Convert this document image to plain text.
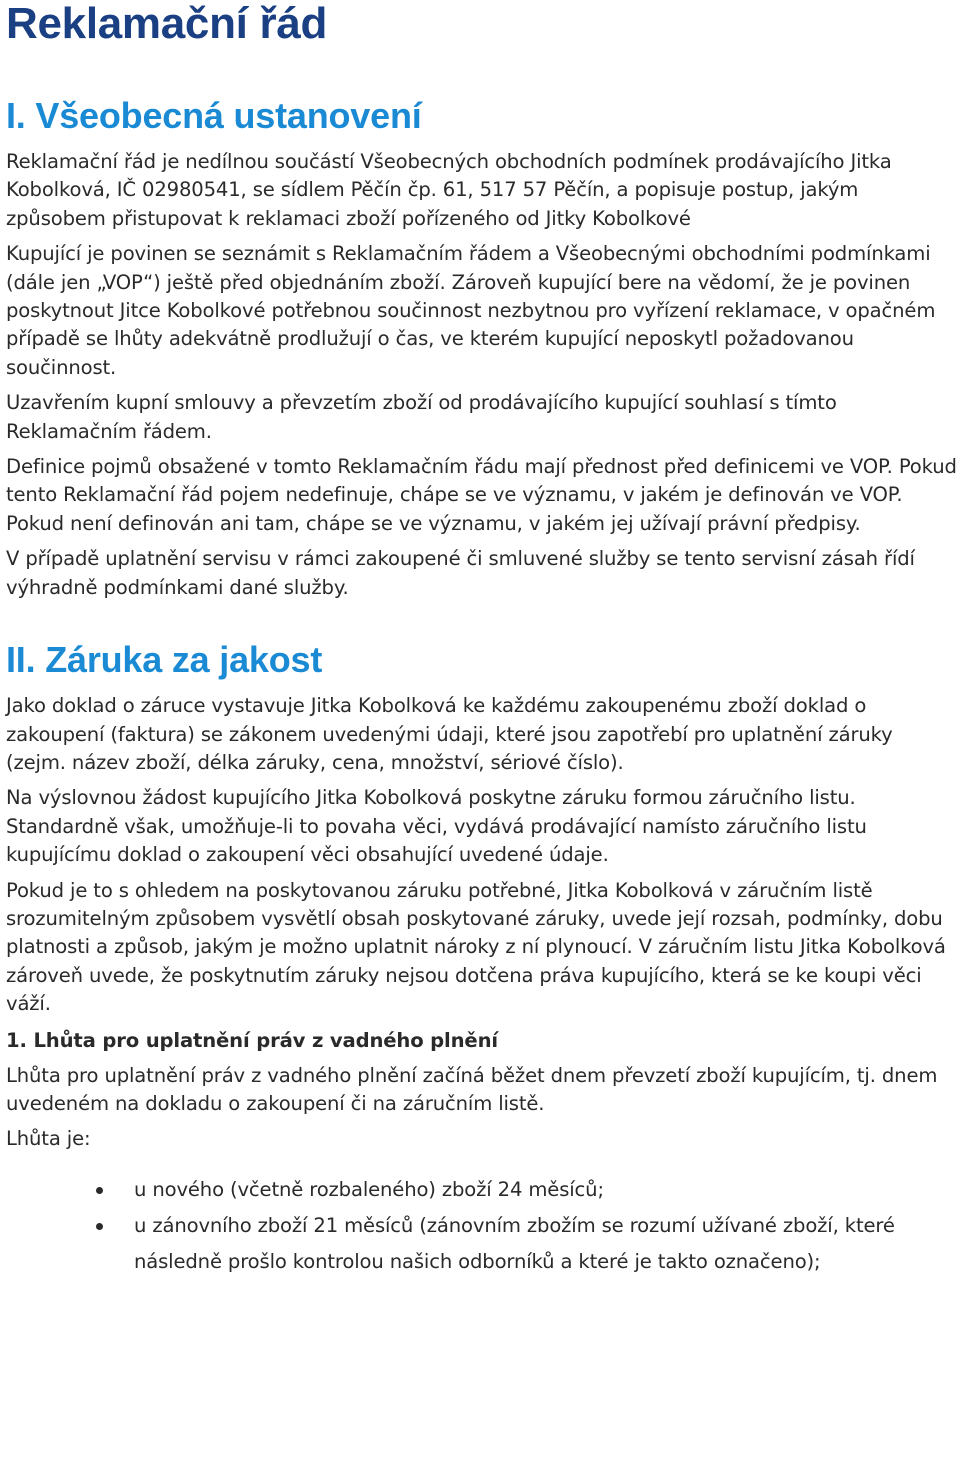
Reklamační řád
I. Všeobecná ustanovení

Reklamační řád je nedílnou součástí Všeobecných obchodních podmínek prodávajícího Jitka Kobolková, IČ 02980541, se sídlem Pěčín čp. 61, 517 57 Pěčín, a popisuje postup, jakým způsobem přistupovat k reklamaci zboží pořízeného od Jitky Kobolkové

Kupující je povinen se seznámit s Reklamačním řádem a Všeobecnými obchodními podmínkami (dále jen „VOP“) ještě před objednáním zboží. Zároveň kupující bere na vědomí, že je povinen poskytnout Jitce Kobolkové potřebnou součinnost nezbytnou pro vyřízení reklamace, v opačném případě se lhůty adekvátně prodlužují o čas, ve kterém kupující neposkytl požadovanou součinnost.

Uzavřením kupní smlouvy a převzetím zboží od prodávajícího kupující souhlasí s tímto Reklamačním řádem.

Definice pojmů obsažené v tomto Reklamačním řádu mají přednost před definicemi ve VOP. Pokud tento Reklamační řád pojem nedefinuje, chápe se ve významu, v jakém je definován ve VOP. Pokud není definován ani tam, chápe se ve významu, v jakém jej užívají právní předpisy.

V případě uplatnění servisu v rámci zakoupené či smluvené služby se tento servisní zásah řídí výhradně podmínkami dané služby.

II. Záruka za jakost

Jako doklad o záruce vystavuje Jitka Kobolková ke každému zakoupenému zboží doklad o zakoupení (faktura) se zákonem uvedenými údaji, které jsou zapotřebí pro uplatnění záruky (zejm. název zboží, délka záruky, cena, množství, sériové číslo).

Na výslovnou žádost kupujícího Jitka Kobolková poskytne záruku formou záručního listu. Standardně však, umožňuje-li to povaha věci, vydává prodávající namísto záručního listu kupujícímu doklad o zakoupení věci obsahující uvedené údaje.

Pokud je to s ohledem na poskytovanou záruku potřebné, Jitka Kobolková v záručním listě srozumitelným způsobem vysvětlí obsah poskytované záruky, uvede její rozsah, podmínky, dobu platnosti a způsob, jakým je možno uplatnit nároky z ní plynoucí. V záručním listu Jitka Kobolková zároveň uvede, že poskytnutím záruky nejsou dotčena práva kupujícího, která se ke koupi věci váží.

1. Lhůta pro uplatnění práv z vadného plnění

Lhůta pro uplatnění práv z vadného plnění začíná běžet dnem převzetí zboží kupujícím, tj. dnem uvedeném na dokladu o zakoupení či na záručním listě.

Lhůta je:

u nového (včetně rozbaleného) zboží 24 měsíců;
u zánovního zboží 21 měsíců (zánovním zbožím se rozumí užívané zboží, které následně prošlo kontrolou našich odborníků a které je takto označeno);
